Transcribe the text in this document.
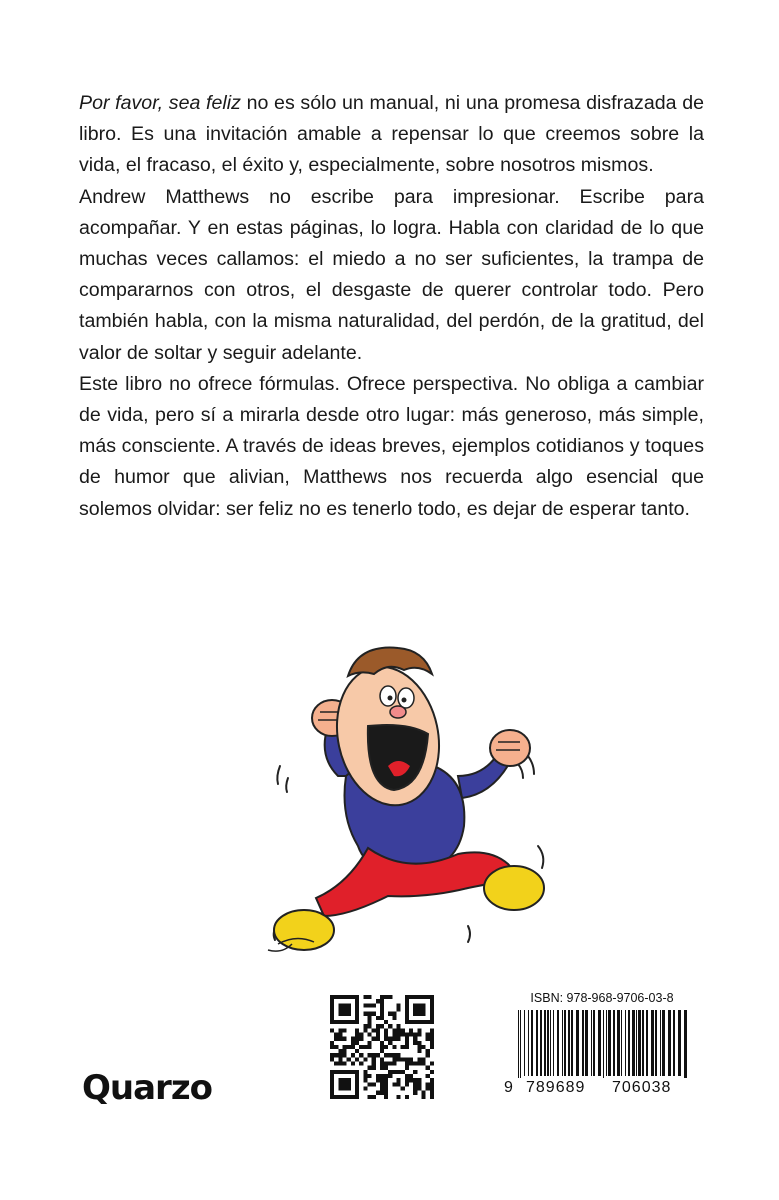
Por favor, sea feliz no es sólo un manual, ni una promesa disfrazada de libro. Es una invitación amable a repensar lo que creemos sobre la vida, el fracaso, el éxito y, especialmente, sobre nosotros mismos.

Andrew Matthews no escribe para impresionar. Escribe para acompañar. Y en estas páginas, lo logra. Habla con claridad de lo que muchas veces callamos: el miedo a no ser suficientes, la trampa de compararnos con otros, el desgaste de querer controlar todo. Pero también habla, con la misma naturalidad, del perdón, de la gratitud, del valor de soltar y seguir adelante.

Este libro no ofrece fórmulas. Ofrece perspectiva. No obliga a cambiar de vida, pero sí a mirarla desde otro lugar: más generoso, más simple, más consciente. A través de ideas breves, ejemplos cotidianos y toques de humor que alivian, Matthews nos recuerda algo esencial que solemos olvidar: ser feliz no es tenerlo todo, es dejar de esperar tanto.

Quarzo
ISBN: 978-968-9706-03-8
9 789689 706038
